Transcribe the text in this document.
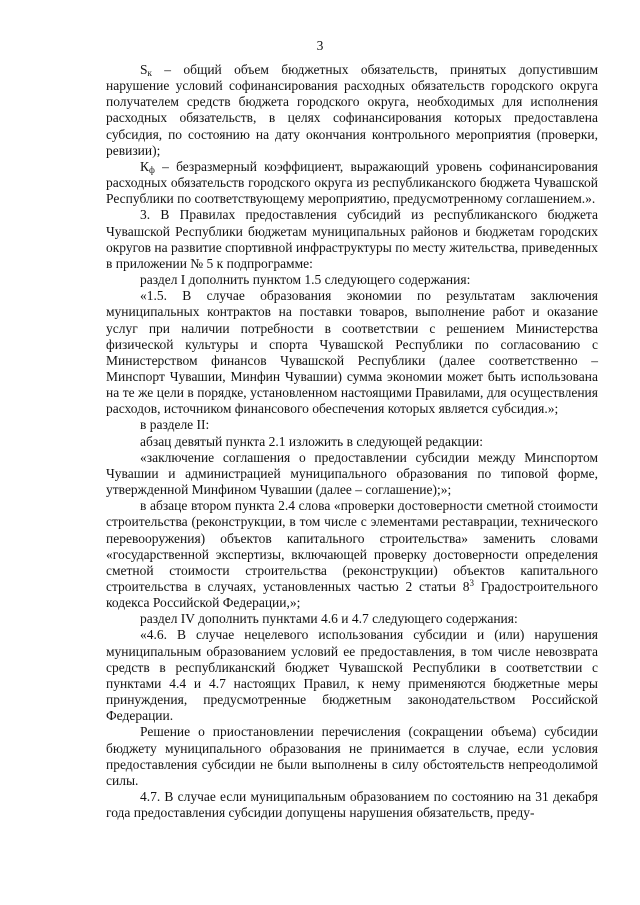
3

$S_к$ – общий объем бюджетных обязательств, принятых допустившим нарушение условий софинансирования расходных обязательств городского округа получателем средств бюджета городского округа, необходимых для исполнения расходных обязательств, в целях софинансирования которых предоставлена субсидия, по состоянию на дату окончания контрольного мероприятия (проверки, ревизии);

$К_ф$ – безразмерный коэффициент, выражающий уровень софинансирования расходных обязательств городского округа из республиканского бюджета Чувашской Республики по соответствующему мероприятию, предусмотренному соглашением.».

3. В Правилах предоставления субсидий из республиканского бюджета Чувашской Республики бюджетам муниципальных районов и бюджетам городских округов на развитие спортивной инфраструктуры по месту жительства, приведенных в приложении № 5 к подпрограмме:

раздел I дополнить пунктом 1.5 следующего содержания:

«1.5. В случае образования экономии по результатам заключения муниципальных контрактов на поставки товаров, выполнение работ и оказание услуг при наличии потребности в соответствии с решением Министерства физической культуры и спорта Чувашской Республики по согласованию с Министерством финансов Чувашской Республики (далее соответственно – Минспорт Чувашии, Минфин Чувашии) сумма экономии может быть использована на те же цели в порядке, установленном настоящими Правилами, для осуществления расходов, источником финансового обеспечения которых является субсидия.»;

в разделе II:

абзац девятый пункта 2.1 изложить в следующей редакции:

«заключение соглашения о предоставлении субсидии между Минспортом Чувашии и администрацией муниципального образования по типовой форме, утвержденной Минфином Чувашии (далее – соглашение);»;

в абзаце втором пункта 2.4 слова «проверки достоверности сметной стоимости строительства (реконструкции, в том числе с элементами реставрации, технического перевооружения) объектов капитального строительства» заменить словами «государственной экспертизы, включающей проверку достоверности определения сметной стоимости строительства (реконструкции) объектов капитального строительства в случаях, установленных частью 2 статьи $8^3$ Градостроительного кодекса Российской Федерации,»;

раздел IV дополнить пунктами 4.6 и 4.7 следующего содержания:

«4.6. В случае нецелевого использования субсидии и (или) нарушения муниципальным образованием условий ее предоставления, в том числе невозврата средств в республиканский бюджет Чувашской Республики в соответствии с пунктами 4.4 и 4.7 настоящих Правил, к нему применяются бюджетные меры принуждения, предусмотренные бюджетным законодательством Российской Федерации.

Решение о приостановлении перечисления (сокращении объема) субсидии бюджету муниципального образования не принимается в случае, если условия предоставления субсидии не были выполнены в силу обстоятельств непреодолимой силы.

4.7. В случае если муниципальным образованием по состоянию на 31 декабря года предоставления субсидии допущены нарушения обязательств, преду-
